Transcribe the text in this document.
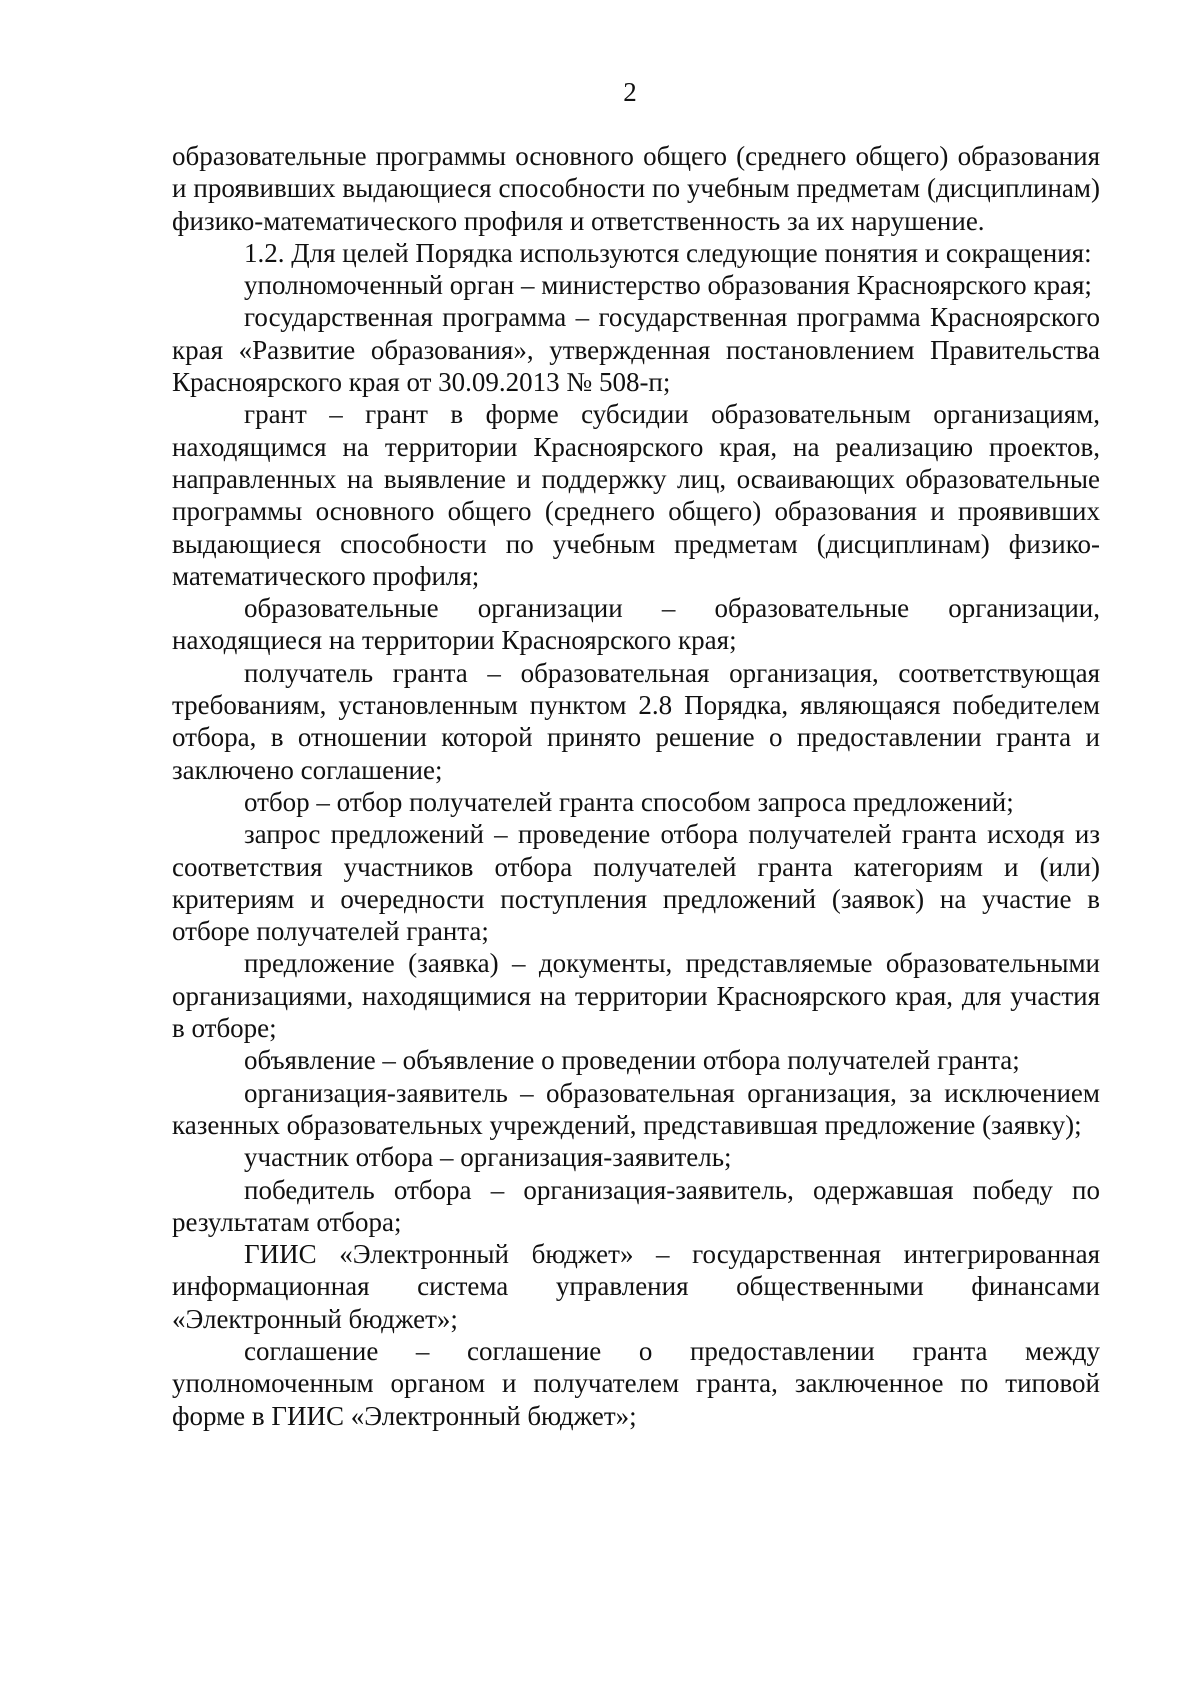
2

образовательные программы основного общего (среднего общего) образования и проявивших выдающиеся способности по учебным предметам (дисциплинам) физико-математического профиля и ответственность за их нарушение.

1.2. Для целей Порядка используются следующие понятия и сокращения:

уполномоченный орган – министерство образования Красноярского края;

государственная программа – государственная программа Красноярского края «Развитие образования», утвержденная постановлением Правительства Красноярского края от 30.09.2013 № 508-п;

грант – грант в форме субсидии образовательным организациям, находящимся на территории Красноярского края, на реализацию проектов, направленных на выявление и поддержку лиц, осваивающих образовательные программы основного общего (среднего общего) образования и проявивших выдающиеся способности по учебным предметам (дисциплинам) физико-математического профиля;

образовательные организации – образовательные организации, находящиеся на территории Красноярского края;

получатель гранта – образовательная организация, соответствующая требованиям, установленным пунктом 2.8 Порядка, являющаяся победителем отбора, в отношении которой принято решение о предоставлении гранта и заключено соглашение;

отбор – отбор получателей гранта способом запроса предложений;

запрос предложений – проведение отбора получателей гранта исходя из соответствия участников отбора получателей гранта категориям и (или) критериям и очередности поступления предложений (заявок) на участие в отборе получателей гранта;

предложение (заявка) – документы, представляемые образовательными организациями, находящимися на территории Красноярского края, для участия в отборе;

объявление – объявление о проведении отбора получателей гранта;

организация-заявитель – образовательная организация, за исключением казенных образовательных учреждений, представившая предложение (заявку);

участник отбора – организация-заявитель;

победитель отбора – организация-заявитель, одержавшая победу по результатам отбора;

ГИИС «Электронный бюджет» – государственная интегрированная информационная система управления общественными финансами «Электронный бюджет»;

соглашение – соглашение о предоставлении гранта между уполномоченным органом и получателем гранта, заключенное по типовой форме в ГИИС «Электронный бюджет»;
